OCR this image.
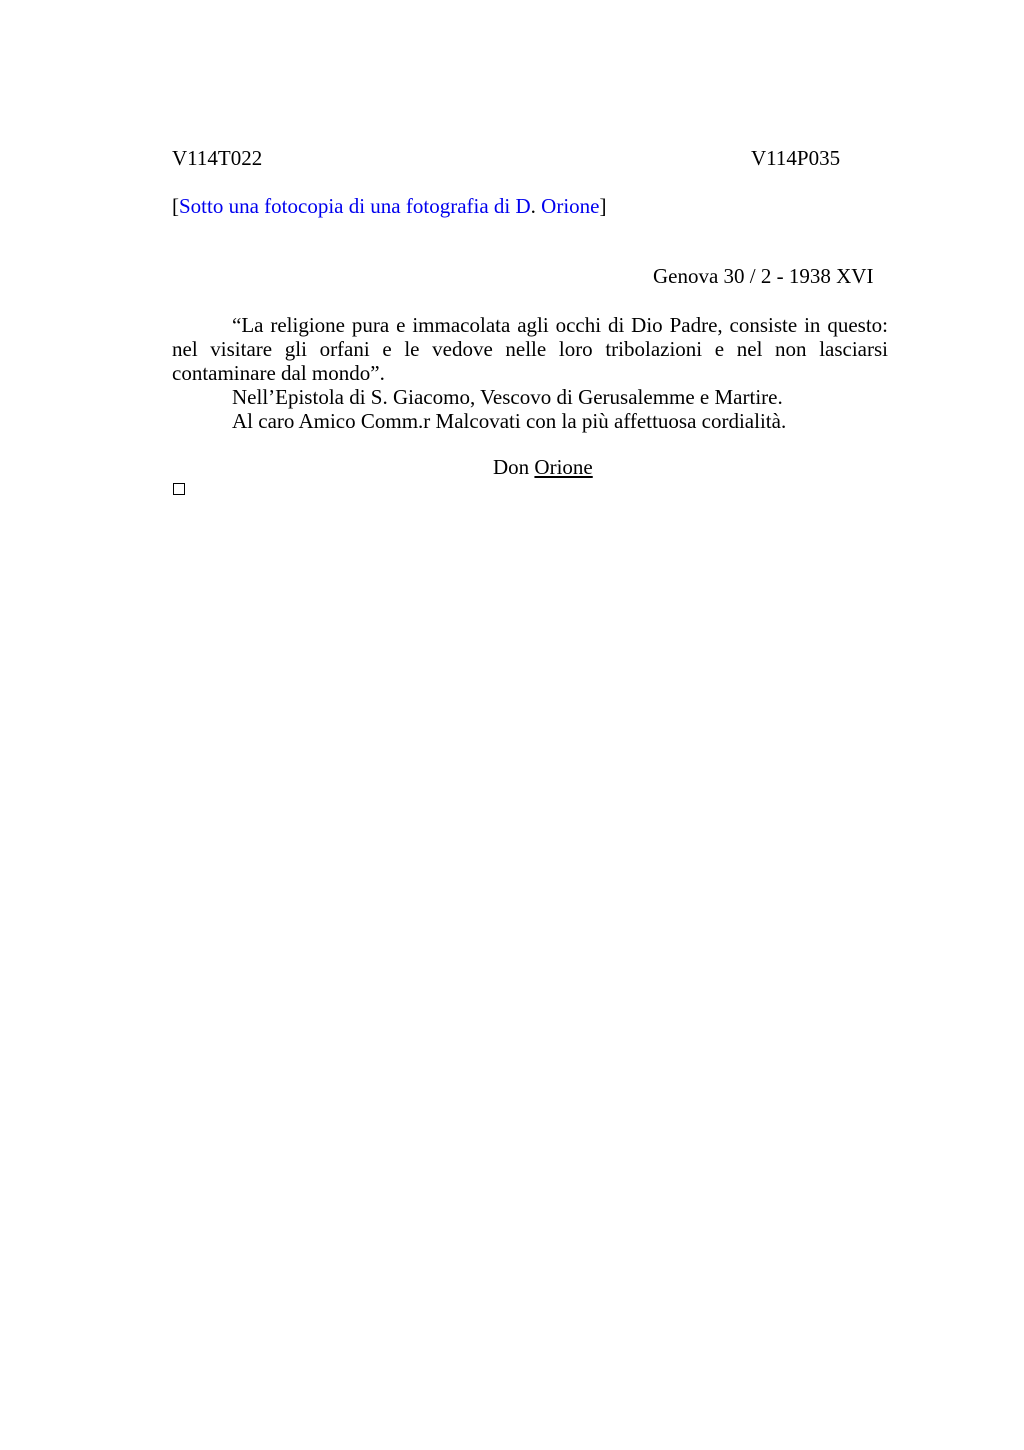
V114T022	V114P035
[Sotto una fotocopia di una fotografia di D. Orione]
Genova 30 / 2 - 1938 XVI

“La religione pura e immacolata agli occhi di Dio Padre, consiste in questo: nel visitare gli orfani e le vedove nelle loro tribolazioni e nel non lasciarsi contaminare dal mondo”.

Nell’Epistola di S. Giacomo, Vescovo di Gerusalemme e Martire.

Al caro Amico Comm.r Malcovati con la più affettuosa cordialità.

Don Orione
